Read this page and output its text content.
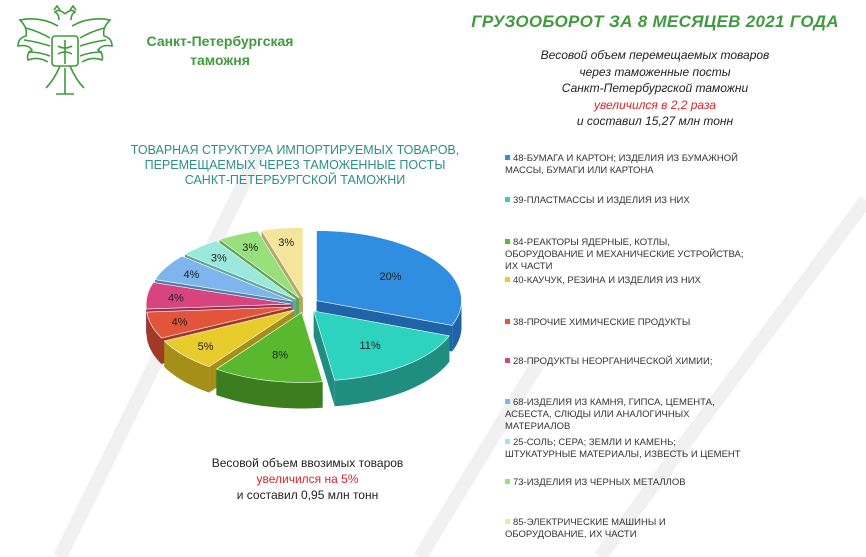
Санкт-Петербургская
таможня
ГРУЗООБОРОТ ЗА 8 МЕСЯЦЕВ 2021 ГОДА
Весовой объем перемещаемых товаров
через таможенные посты
Санкт-Петербургской таможни
увеличился в 2,2 раза
и составил 15,27 млн тонн
ТОВАРНАЯ СТРУКТУРА ИМПОРТИРУЕМЫХ ТОВАРОВ,
ПЕРЕМЕЩАЕМЫХ ЧЕРЕЗ ТАМОЖЕННЫЕ ПОСТЫ
САНКТ-ПЕТЕРБУРГСКОЙ ТАМОЖНИ
20%
11%
8%
5%
4%
4%
4%
3%
3% 3%
48-БУМАГА И КАРТОН; ИЗДЕЛИЯ ИЗ БУМАЖНОЙ МАССЫ, БУМАГИ ИЛИ КАРТОНА
39-ПЛАСТМАССЫ И ИЗДЕЛИЯ ИЗ НИХ
84-РЕАКТОРЫ ЯДЕРНЫЕ, КОТЛЫ, ОБОРУДОВАНИЕ И МЕХАНИЧЕСКИЕ УСТРОЙСТВА; ИХ ЧАСТИ
40-КАУЧУК, РЕЗИНА И ИЗДЕЛИЯ ИЗ НИХ
38-ПРОЧИЕ ХИМИЧЕСКИЕ ПРОДУКТЫ
28-ПРОДУКТЫ НЕОРГАНИЧЕСКОЙ ХИМИИ;
68-ИЗДЕЛИЯ ИЗ КАМНЯ, ГИПСА, ЦЕМЕНТА, АСБЕСТА, СЛЮДЫ ИЛИ АНАЛОГИЧНЫХ МАТЕРИАЛОВ
25-СОЛЬ; СЕРА; ЗЕМЛИ И КАМЕНЬ; ШТУКАТУРНЫЕ МАТЕРИАЛЫ, ИЗВЕСТЬ И ЦЕМЕНТ
73-ИЗДЕЛИЯ ИЗ ЧЕРНЫХ МЕТАЛЛОВ
85-ЭЛЕКТРИЧЕСКИЕ МАШИНЫ И ОБОРУДОВАНИЕ, ИХ ЧАСТИ
Весовой объем ввозимых товаров
увеличился на 5%
и составил 0,95 млн тонн
